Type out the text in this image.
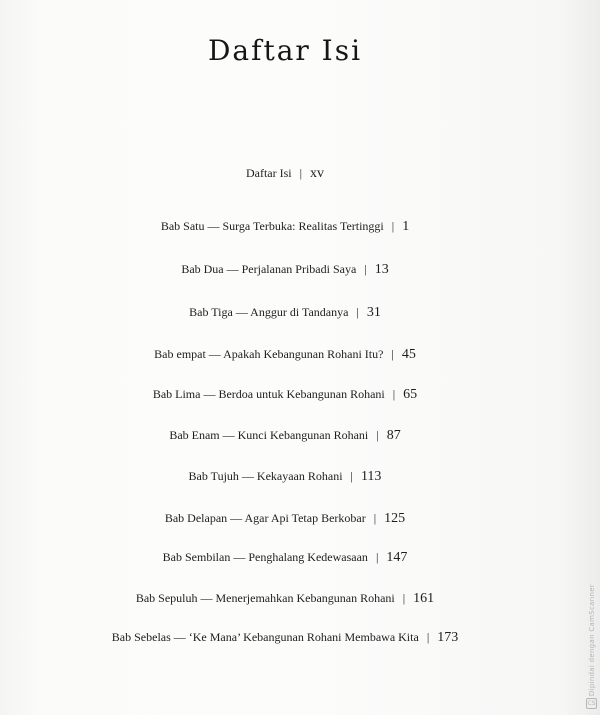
Daftar Isi
Daftar Isi | xv
Bab Satu — Surga Terbuka: Realitas Tertinggi | 1
Bab Dua — Perjalanan Pribadi Saya | 13
Bab Tiga — Anggur di Tandanya | 31
Bab empat — Apakah Kebangunan Rohani Itu? | 45
Bab Lima — Berdoa untuk Kebangunan Rohani | 65
Bab Enam — Kunci Kebangunan Rohani | 87
Bab Tujuh — Kekayaan Rohani | 113
Bab Delapan — Agar Api Tetap Berkobar | 125
Bab Sembilan — Penghalang Kedewasaan | 147
Bab Sepuluh — Menerjemahkan Kebangunan Rohani | 161
Bab Sebelas — ‘Ke Mana’ Kebangunan Rohani Membawa Kita | 173	Dipindai dengan CamScanner
CS
